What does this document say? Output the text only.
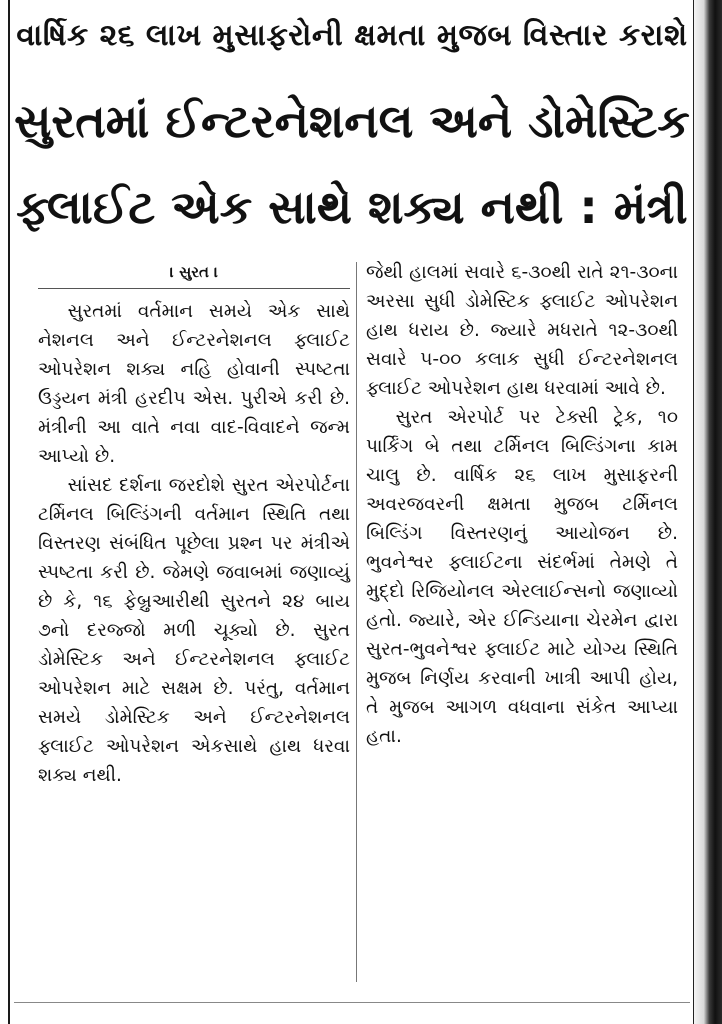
વાર્ષિક ૨૬ લાખ મુસાફરોની ક્ષમતા મુજબ વિસ્તાર કરાશે
સુરતમાં ઈન્ટરનેશનલ અને ડોમેસ્ટિક
ફ્લાઈટ એક સાથે શક્ય નથી : મંત્રી
। સુરત ।

સુરતમાં વર્તમાન સમયે એક સાથે નેશનલ અને ઈન્ટરનેશનલ ફ્લાઈટ ઓપરેશન શક્ય નહિ હોવાની સ્પષ્ટતા ઉડ્ડયન મંત્રી હરદીપ એસ. પુરીએ કરી છે. મંત્રીની આ વાતે નવા વાદ-વિવાદને જન્મ આપ્યો છે.

સાંસદ દર્શના જરદોશે સુરત એરપોર્ટના ટર્મિનલ બિલ્ડિંગની વર્તમાન સ્થિતિ તથા વિસ્તરણ સંબંધિત પૂછેલા પ્રશ્ન પર મંત્રીએ સ્પષ્ટતા કરી છે. જેમણે જવાબમાં જણાવ્યું છે કે, ૧૬ ફેબ્રુઆરીથી સુરતને ૨૪ બાય ૭નો દરજ્જો મળી ચૂક્યો છે. સુરત ડોમેસ્ટિક અને ઈન્ટરનેશનલ ફ્લાઈટ ઓપરેશન માટે સક્ષમ છે. પરંતુ, વર્તમાન સમયે ડોમેસ્ટિક અને ઈન્ટરનેશનલ ફ્લાઈટ ઓપરેશન એકસાથે હાથ ધરવા શક્ય નથી.

જેથી હાલમાં સવારે ૬-૩૦થી રાતે ૨૧-૩૦ના અરસા સુધી ડોમેસ્ટિક ફ્લાઈટ ઓપરેશન હાથ ધરાય છે. જ્યારે મધરાતે ૧૨-૩૦થી સવારે ૫-૦૦ કલાક સુધી ઈન્ટરનેશનલ ફ્લાઈટ ઓપરેશન હાથ ધરવામાં આવે છે.

સુરત એરપોર્ટ પર ટેક્સી ટ્રેક, ૧૦ પાર્કિંગ બે તથા ટર્મિનલ બિલ્ડિંગના કામ ચાલુ છે. વાર્ષિક ૨૬ લાખ મુસાફરની અવરજવરની ક્ષમતા મુજબ ટર્મિનલ બિલ્ડિંગ વિસ્તરણનું આયોજન છે. ભુવનેશ્વર ફ્લાઈટના સંદર્ભમાં તેમણે તે મુદ્દો રિજિયોનલ એરલાઈન્સનો જણાવ્યો હતો. જ્યારે, એર ઈન્ડિયાના ચેરમેન દ્વારા સુરત-ભુવનેશ્વર ફ્લાઈટ માટે યોગ્ય સ્થિતિ મુજબ નિર્ણય કરવાની ખાત્રી આપી હોય, તે મુજબ આગળ વધવાના સંકેત આપ્યા હતા.
